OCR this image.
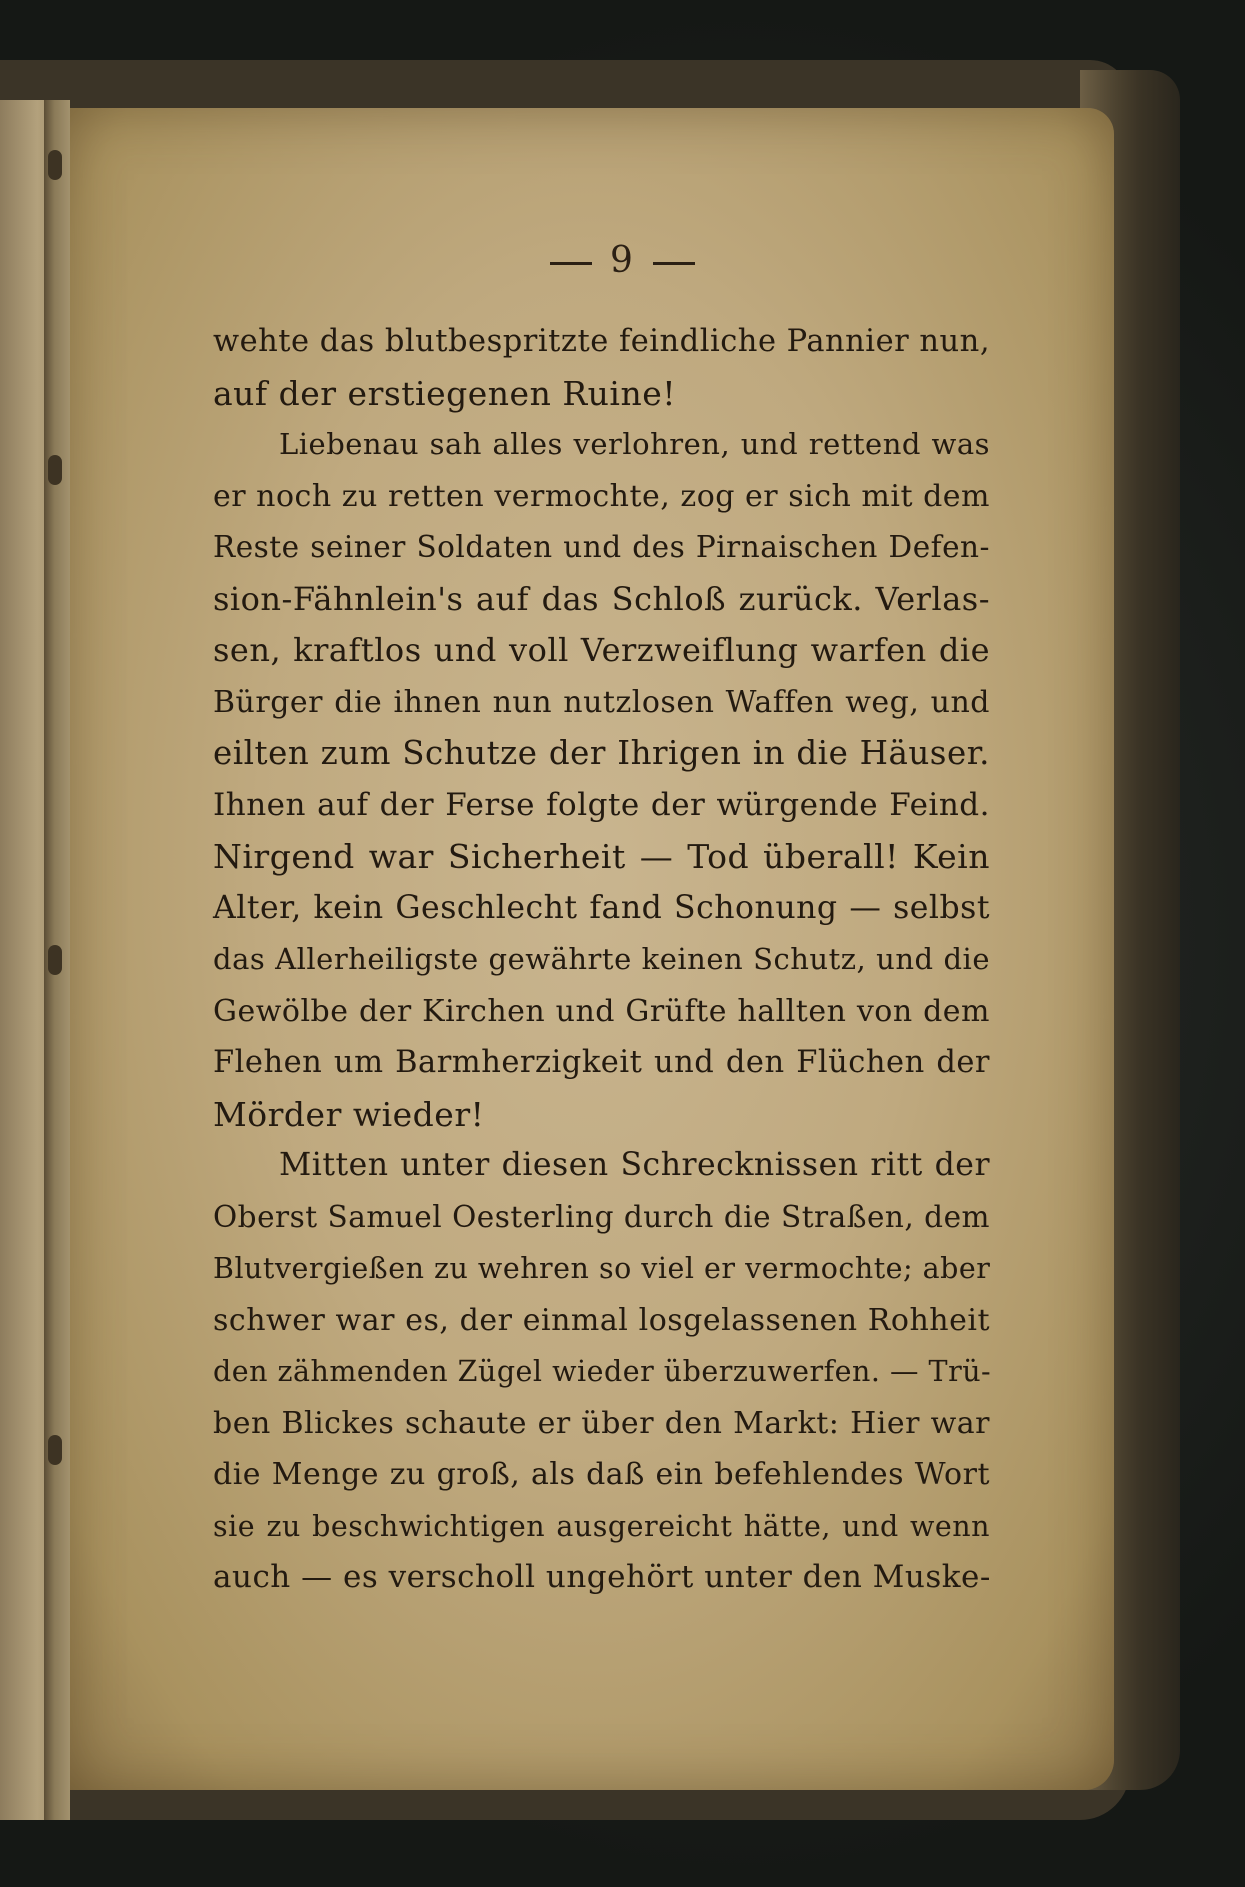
9
wehte das blutbespritzte feindliche Pannier nun,
auf der erstiegenen Ruine!
Liebenau sah alles verlohren, und rettend was
er noch zu retten vermochte, zog er sich mit dem
Reste seiner Soldaten und des Pirnaischen Defen-
sion-Fähnlein's auf das Schloß zurück. Verlas-
sen, kraftlos und voll Verzweiflung warfen die
Bürger die ihnen nun nutzlosen Waffen weg, und
eilten zum Schutze der Ihrigen in die Häuser.
Ihnen auf der Ferse folgte der würgende Feind.
Nirgend war Sicherheit — Tod überall! Kein
Alter, kein Geschlecht fand Schonung — selbst
das Allerheiligste gewährte keinen Schutz, und die
Gewölbe der Kirchen und Grüfte hallten von dem
Flehen um Barmherzigkeit und den Flüchen der
Mörder wieder!
Mitten unter diesen Schrecknissen ritt der
Oberst Samuel Oesterling durch die Straßen, dem
Blutvergießen zu wehren so viel er vermochte; aber
schwer war es, der einmal losgelassenen Rohheit
den zähmenden Zügel wieder überzuwerfen. — Trü-
ben Blickes schaute er über den Markt: Hier war
die Menge zu groß, als daß ein befehlendes Wort
sie zu beschwichtigen ausgereicht hätte, und wenn
auch — es verscholl ungehört unter den Muske-
